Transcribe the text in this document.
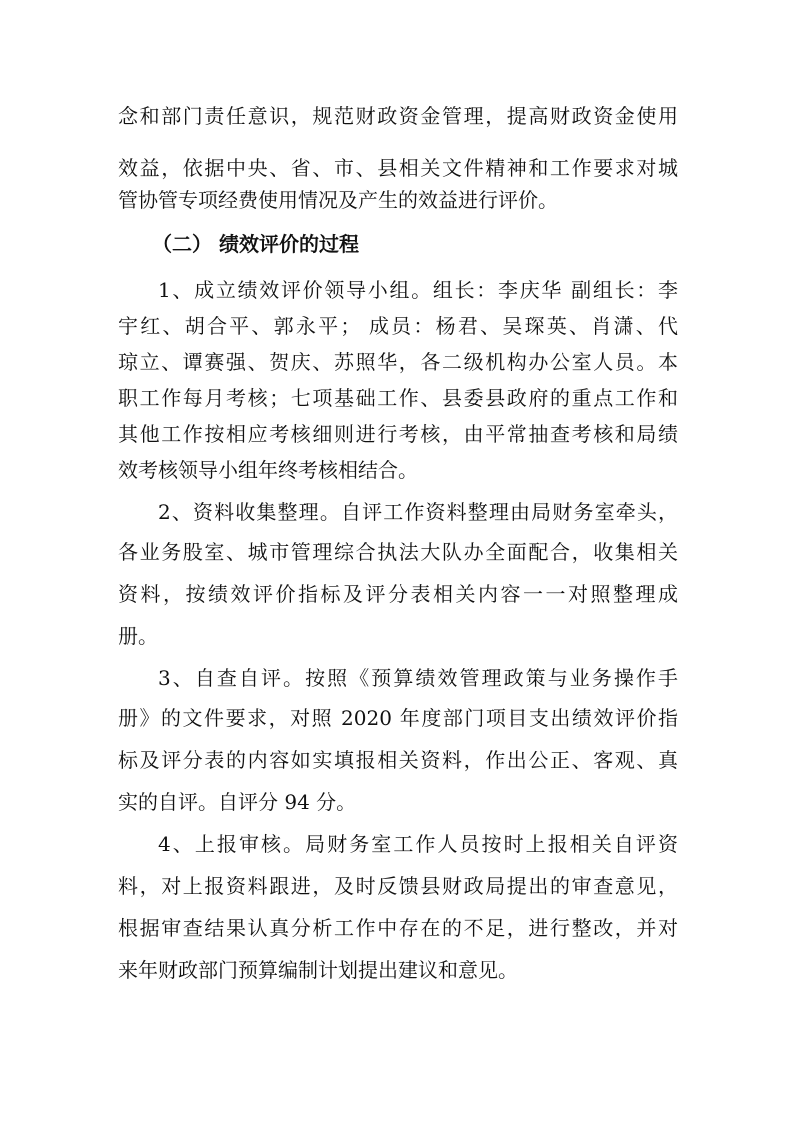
念和部门责任意识，规范财政资金管理，提高财政资金使用
效益，依据中央、省、市、县相关文件精神和工作要求对城
管协管专项经费使用情况及产生的效益进行评价。
（二） 绩效评价的过程
1、成立绩效评价领导小组。组长：李庆华 副组长：李
宇红、胡合平、郭永平； 成员：杨君、吴琛英、肖潇、代
琼立、谭赛强、贺庆、苏照华，各二级机构办公室人员。本
职工作每月考核；七项基础工作、县委县政府的重点工作和
其他工作按相应考核细则进行考核，由平常抽查考核和局绩
效考核领导小组年终考核相结合。
2、资料收集整理。自评工作资料整理由局财务室牵头，
各业务股室、城市管理综合执法大队办全面配合，收集相关
资料，按绩效评价指标及评分表相关内容一一对照整理成
册。
3、自查自评。按照《预算绩效管理政策与业务操作手
册》的文件要求，对照 2020 年度部门项目支出绩效评价指
标及评分表的内容如实填报相关资料，作出公正、客观、真
实的自评。自评分 94 分。
4、上报审核。局财务室工作人员按时上报相关自评资
料，对上报资料跟进，及时反馈县财政局提出的审查意见，
根据审查结果认真分析工作中存在的不足，进行整改，并对
来年财政部门预算编制计划提出建议和意见。
